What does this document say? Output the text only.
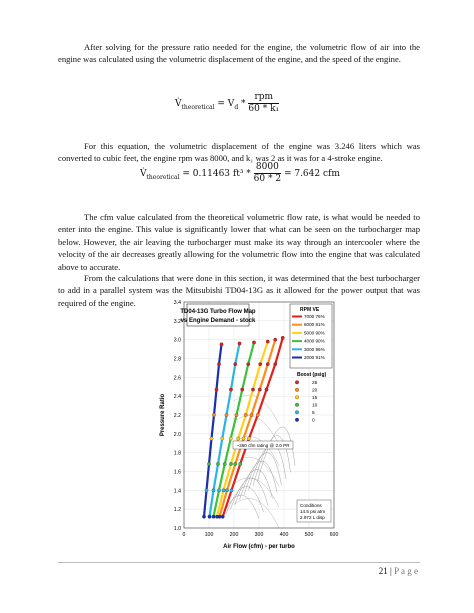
After solving for the pressure ratio needed for the engine, the volumetric flow of air into the engine was calculated using the volumetric displacement of the engine, and the speed of the engine.

$V̇_{theoretical} = V_d * \frac{\text{rpm}}{\text{60 * k₁}}$

For this equation, the volumetric displacement of the engine was 3.246 liters which was converted to cubic feet, the engine rpm was 8000, and k₁ was 2 as it was for a 4-stroke engine.

$V̇_{theoretical} = 0.11463$ $ft^3 * \frac{8000}{60 * 2} = 7.642$ cfm

The cfm value calculated from the theoretical volumetric flow rate, is what would be needed to enter into the engine. This value is significantly lower that what can be seen on the turbocharger map below. However, the air leaving the turbocharger must make its way through an intercooler where the velocity of the air decreases greatly allowing for the volumetric flow into the engine that was calculated above to accurate.

From the calculations that were done in this section, it was determined that the best turbocharger to add in a parallel system was the Mitsubishi TD04-13G as it allowed for the power output that was required of the engine.

1.0
1.2
1.4
1.6
1.8
2.0
2.2
2.4
2.6
2.8
3.0
3.2
3.4
0	100	200	300	400	500	600
TD04-13G Turbo Flow Map
vs Engine Demand - stock
RPM VE
7000 76%
6000 81%
5000 90%
4000 90%
3000 96%
2000 91%
Boost (psiɡ)
25
20
15
10
5
0
~360 cfm rating @ 2.0 PR
Conditions
14.5 psi atm
2.972 L disp
Air Flow (cfm) - per turbo
Pressure Ratio
21 | P a g e
